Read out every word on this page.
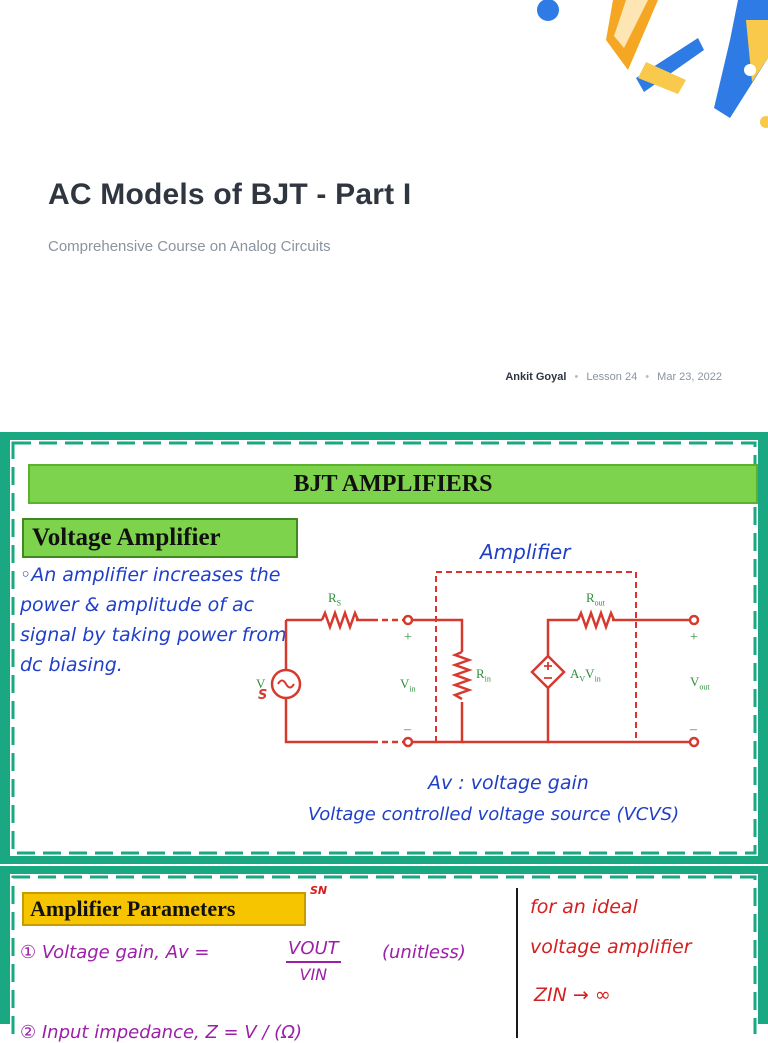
AC Models of BJT - Part I
Comprehensive Course on Analog Circuits
Ankit Goyal • Lesson 24 • Mar 23, 2022
BJT AMPLIFIERS
Voltage Amplifier
◦An amplifier increases the power & amplitude of ac signal by taking power from dc biasing.
Amplifier
$R_S$	$R_{out}$
$R_{in}$
$V_{in}$
$V_{out}$
$A_VV_{in}$
V
S
+
–
+
–
Av : voltage gain
Voltage controlled voltage source (VCVS)
Amplifier Parameters
SN
① Voltage gain, Av =	VOUT
VIN
(unitless)
② Input impedance, Z = V / (Ω)
for an ideal
voltage amplifier
ZIN → ∞
